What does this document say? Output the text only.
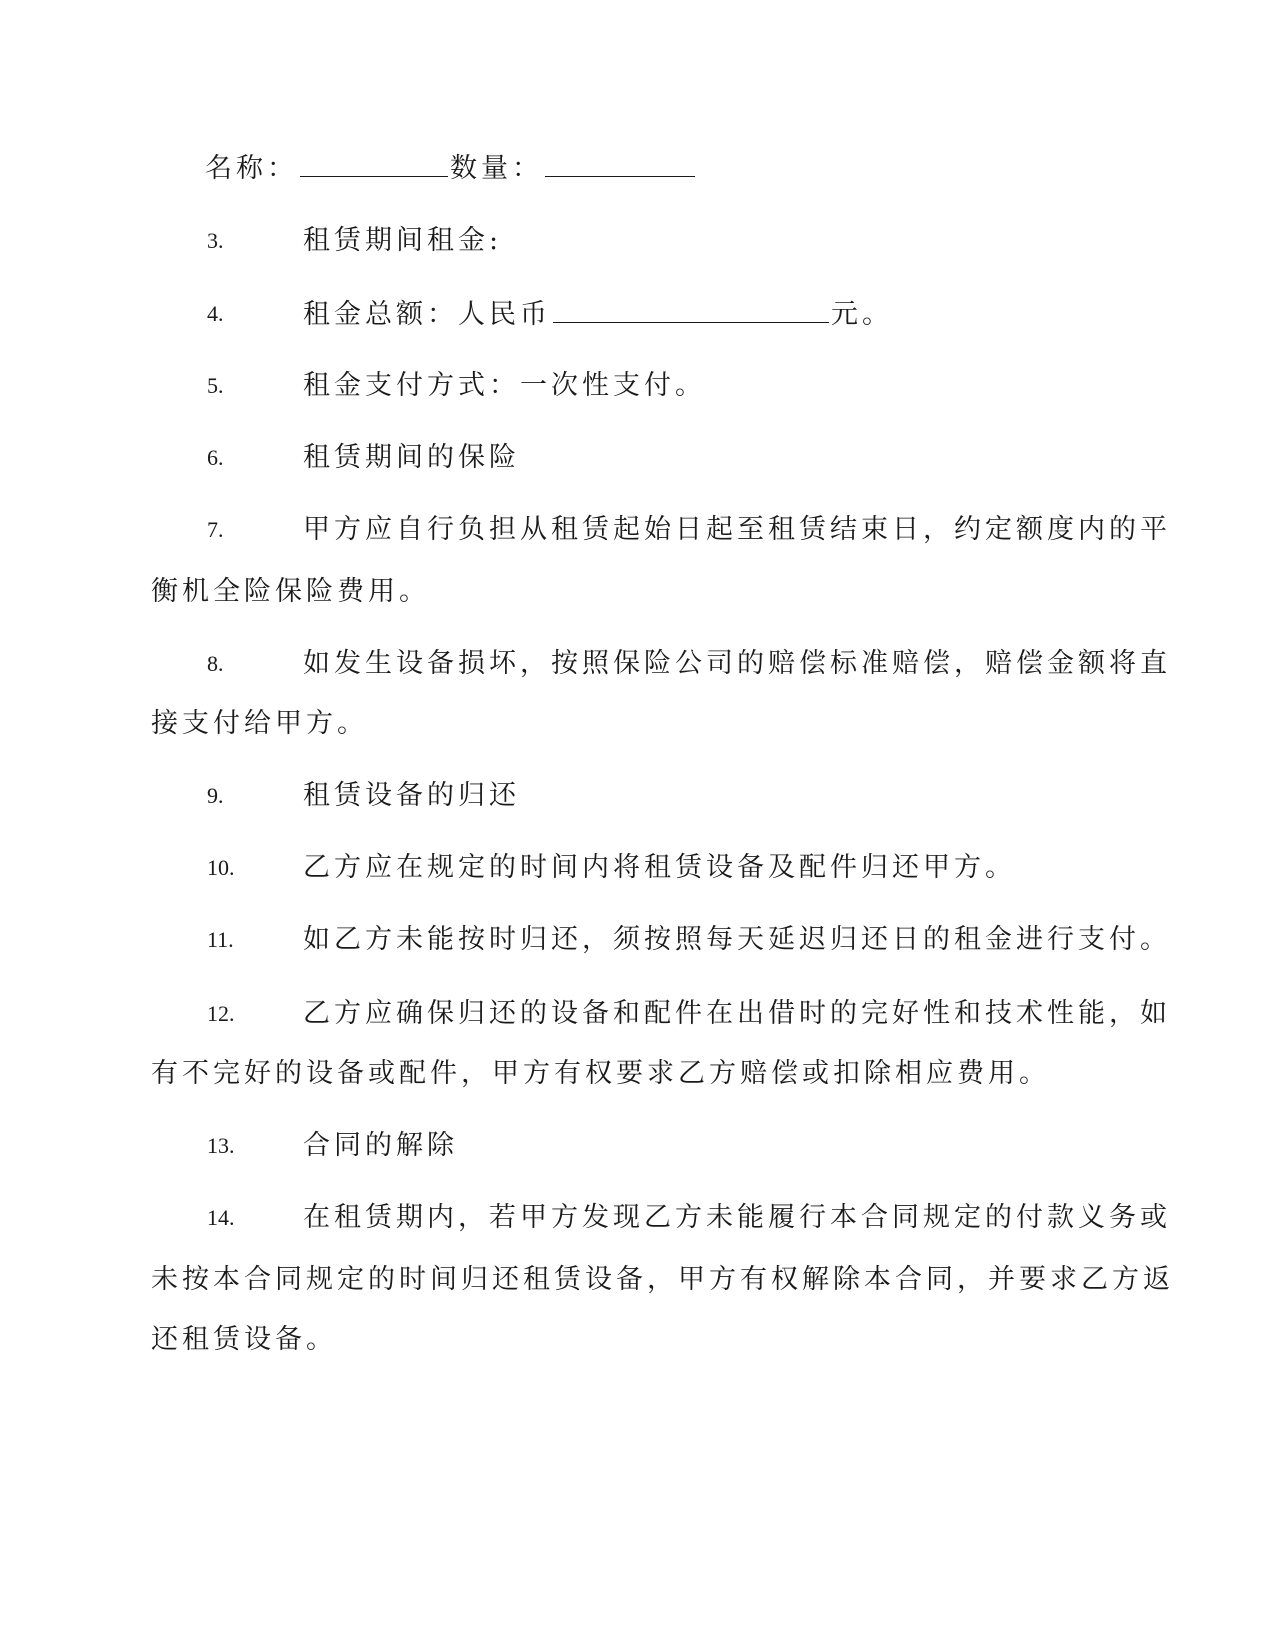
名称：	数量：
3.	租赁期间租金:
4.	租金总额：人民币	元。
5.	租金支付方式：一次性支付。
6.	租赁期间的保险
7.	甲方应自行负担从租赁起始日起至租赁结束日，约定额度内的平
衡机全险保险费用。
8.	如发生设备损坏，按照保险公司的赔偿标准赔偿，赔偿金额将直
接支付给甲方。
9.	租赁设备的归还
10.	乙方应在规定的时间内将租赁设备及配件归还甲方。
11.	如乙方未能按时归还，须按照每天延迟归还日的租金进行支付。
12.	乙方应确保归还的设备和配件在出借时的完好性和技术性能，如
有不完好的设备或配件，甲方有权要求乙方赔偿或扣除相应费用。
13.	合同的解除
14.	在租赁期内，若甲方发现乙方未能履行本合同规定的付款义务或
未按本合同规定的时间归还租赁设备，甲方有权解除本合同，并要求乙方返
还租赁设备。
